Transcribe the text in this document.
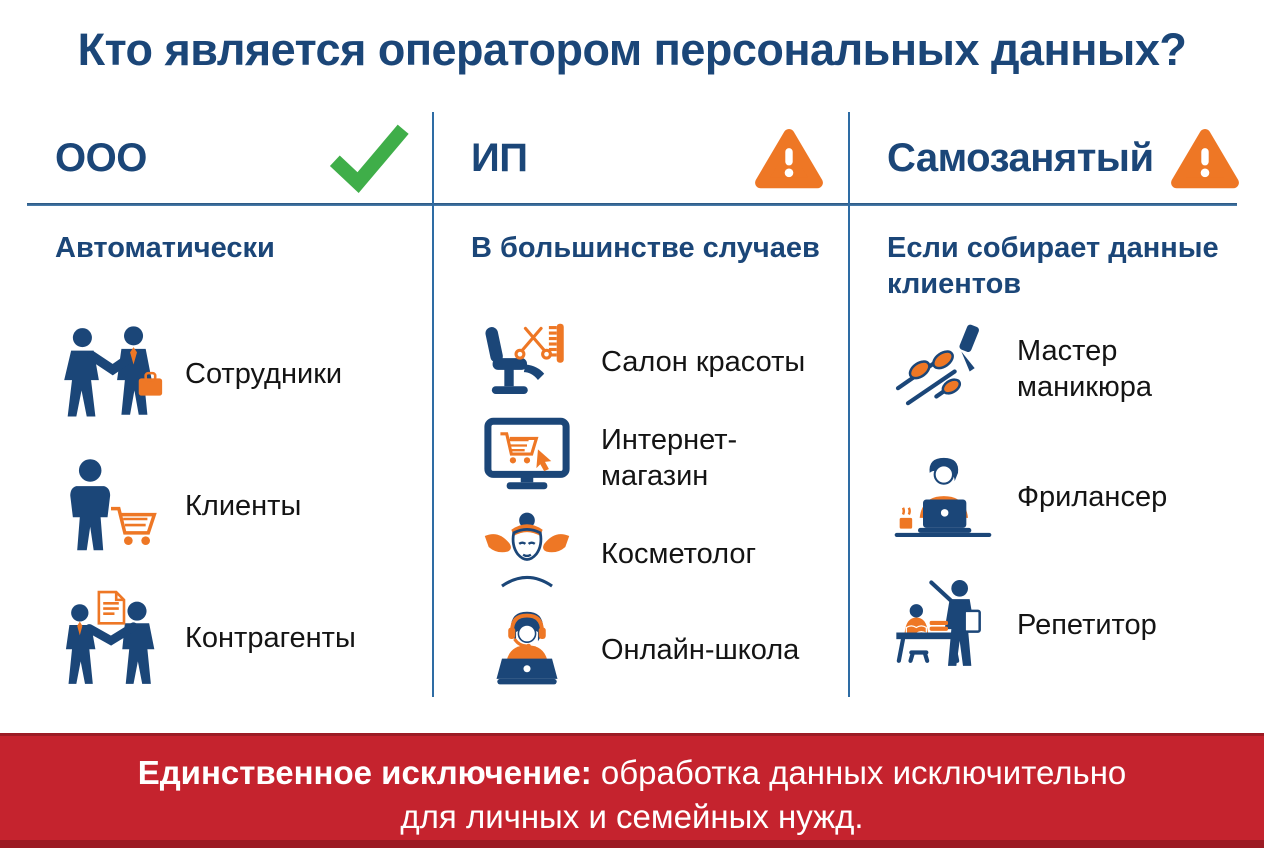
Кто является оператором персональных данных?
ООО
Автоматически
Сотрудники
Клиенты
Контрагенты
ИП
В большинстве случаев
Салон красоты
Интернет-магазин
Косметолог
Онлайн-школа
Самозанятый
Если собирает данные клиентов
Мастер маникюра
Фрилансер
Репетитор
Единственное исключение: обработка данных исключительно
для личных и семейных нужд.
